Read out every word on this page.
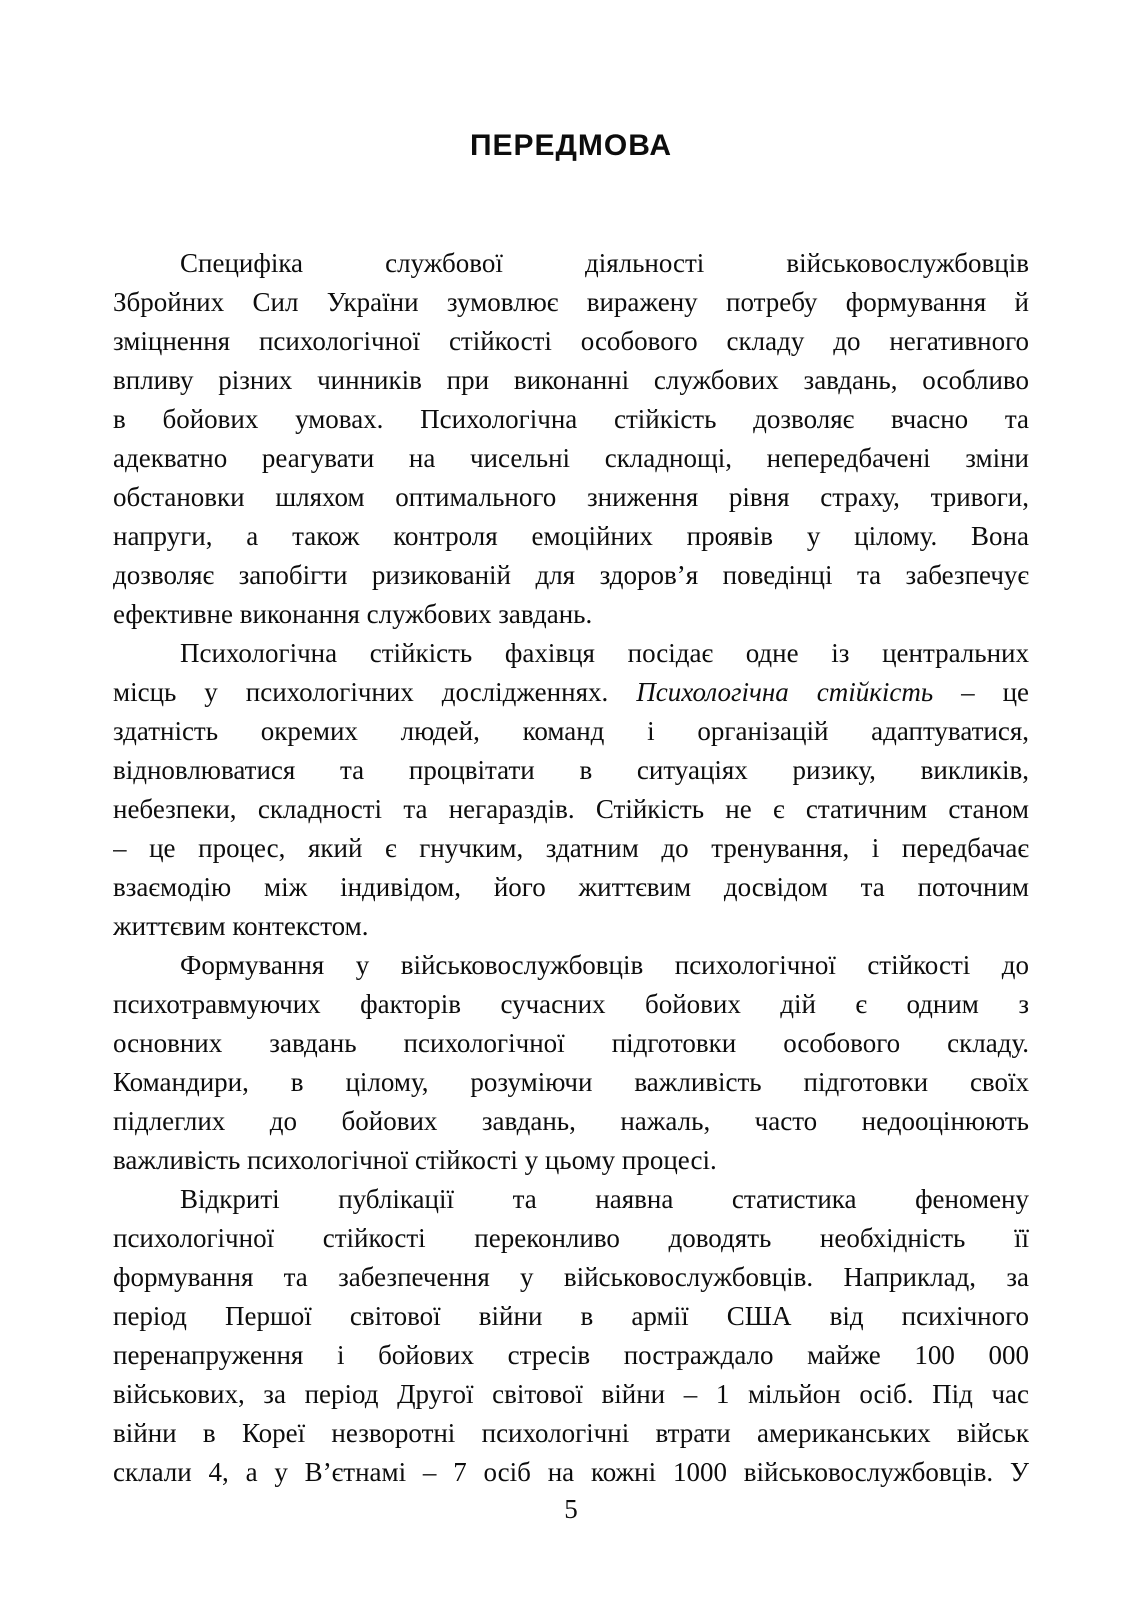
ПЕРЕДМОВА
Специфіка службової діяльності військовослужбовців
Збройних Сил України зумовлює виражену потребу формування й
зміцнення психологічної стійкості особового складу до негативного
впливу різних чинників при виконанні службових завдань, особливо
в бойових умовах. Психологічна стійкість дозволяє вчасно та
адекватно реагувати на чисельні складнощі, непередбачені зміни
обстановки шляхом оптимального зниження рівня страху, тривоги,
напруги, а також контроля емоційних проявів у цілому. Вона
дозволяє запобігти ризикованій для здоров’я поведінці та забезпечує
ефективне виконання службових завдань.
Психологічна стійкість фахівця посідає одне із центральних
місць у психологічних дослідженнях. Психологічна стійкість – це
здатність окремих людей, команд і організацій адаптуватися,
відновлюватися та процвітати в ситуаціях ризику, викликів,
небезпеки, складності та негараздів. Стійкість не є статичним станом
– це процес, який є гнучким, здатним до тренування, і передбачає
взаємодію між індивідом, його життєвим досвідом та поточним
життєвим контекстом.
Формування у військовослужбовців психологічної стійкості до
психотравмуючих факторів сучасних бойових дій є одним з
основних завдань психологічної підготовки особового складу.
Командири, в цілому, розуміючи важливість підготовки своїх
підлеглих до бойових завдань, нажаль, часто недооцінюють
важливість психологічної стійкості у цьому процесі.
Відкриті публікації та наявна статистика феномену
психологічної стійкості переконливо доводять необхідність її
формування та забезпечення у військовослужбовців. Наприклад, за
період Першої світової війни в армії США від психічного
перенапруження і бойових стресів постраждало майже 100 000
військових, за період Другої світової війни – 1 мільйон осіб. Під час
війни в Кореї незворотні психологічні втрати американських військ
склали 4, а у В’єтнамі – 7 осіб на кожні 1000 військовослужбовців. У
5
